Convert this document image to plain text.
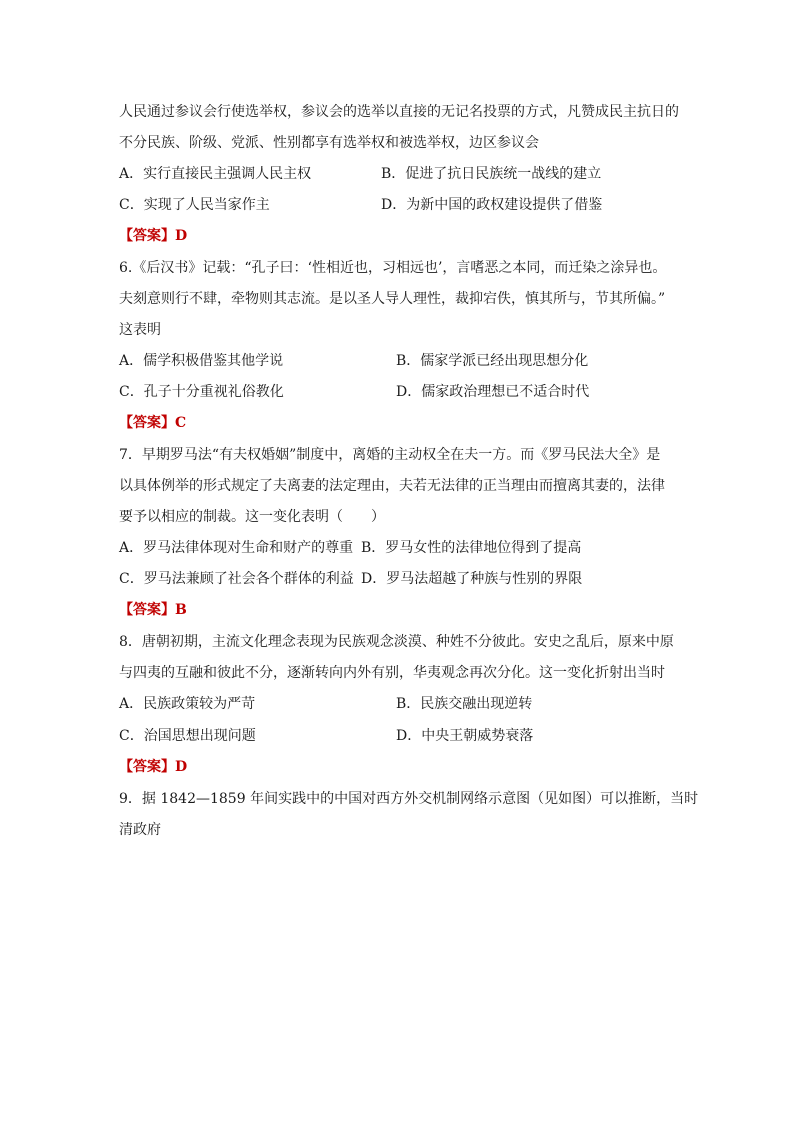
人民通过参议会行使选举权，参议会的选举以直接的无记名投票的方式，凡赞成民主抗日的
不分民族、阶级、党派、性别都享有选举权和被选举权，边区参议会
A．实行直接民主强调人民主权	B．促进了抗日民族统一战线的建立
C．实现了人民当家作主	D．为新中国的政权建设提供了借鉴
【答案】D
6.《后汉书》记载：“孔子曰：‘性相近也，习相远也’，言嗜恶之本同，而迁染之涂异也。
夫刻意则行不肆，牵物则其志流。是以圣人导人理性，裁抑宕佚，慎其所与，节其所偏。”
这表明
A．儒学积极借鉴其他学说	B．儒家学派已经出现思想分化
C．孔子十分重视礼俗教化	D．儒家政治理想已不适合时代
【答案】C
7．早期罗马法“有夫权婚姻”制度中，离婚的主动权全在夫一方。而《罗马民法大全》是
以具体例举的形式规定了夫离妻的法定理由，夫若无法律的正当理由而擅离其妻的，法律
要予以相应的制裁。这一变化表明（　　）
A．罗马法律体现对生命和财产的尊重 B．罗马女性的法律地位得到了提高
C．罗马法兼顾了社会各个群体的利益 D．罗马法超越了种族与性别的界限
【答案】B
8．唐朝初期，主流文化理念表现为民族观念淡漠、种姓不分彼此。安史之乱后，原来中原
与四夷的互融和彼此不分，逐渐转向内外有别，华夷观念再次分化。这一变化折射出当时
A．民族政策较为严苛	B．民族交融出现逆转
C．治国思想出现问题	D．中央王朝威势衰落
【答案】D
9．据 1842—1859 年间实践中的中国对西方外交机制网络示意图（见如图）可以推断，当时
清政府
